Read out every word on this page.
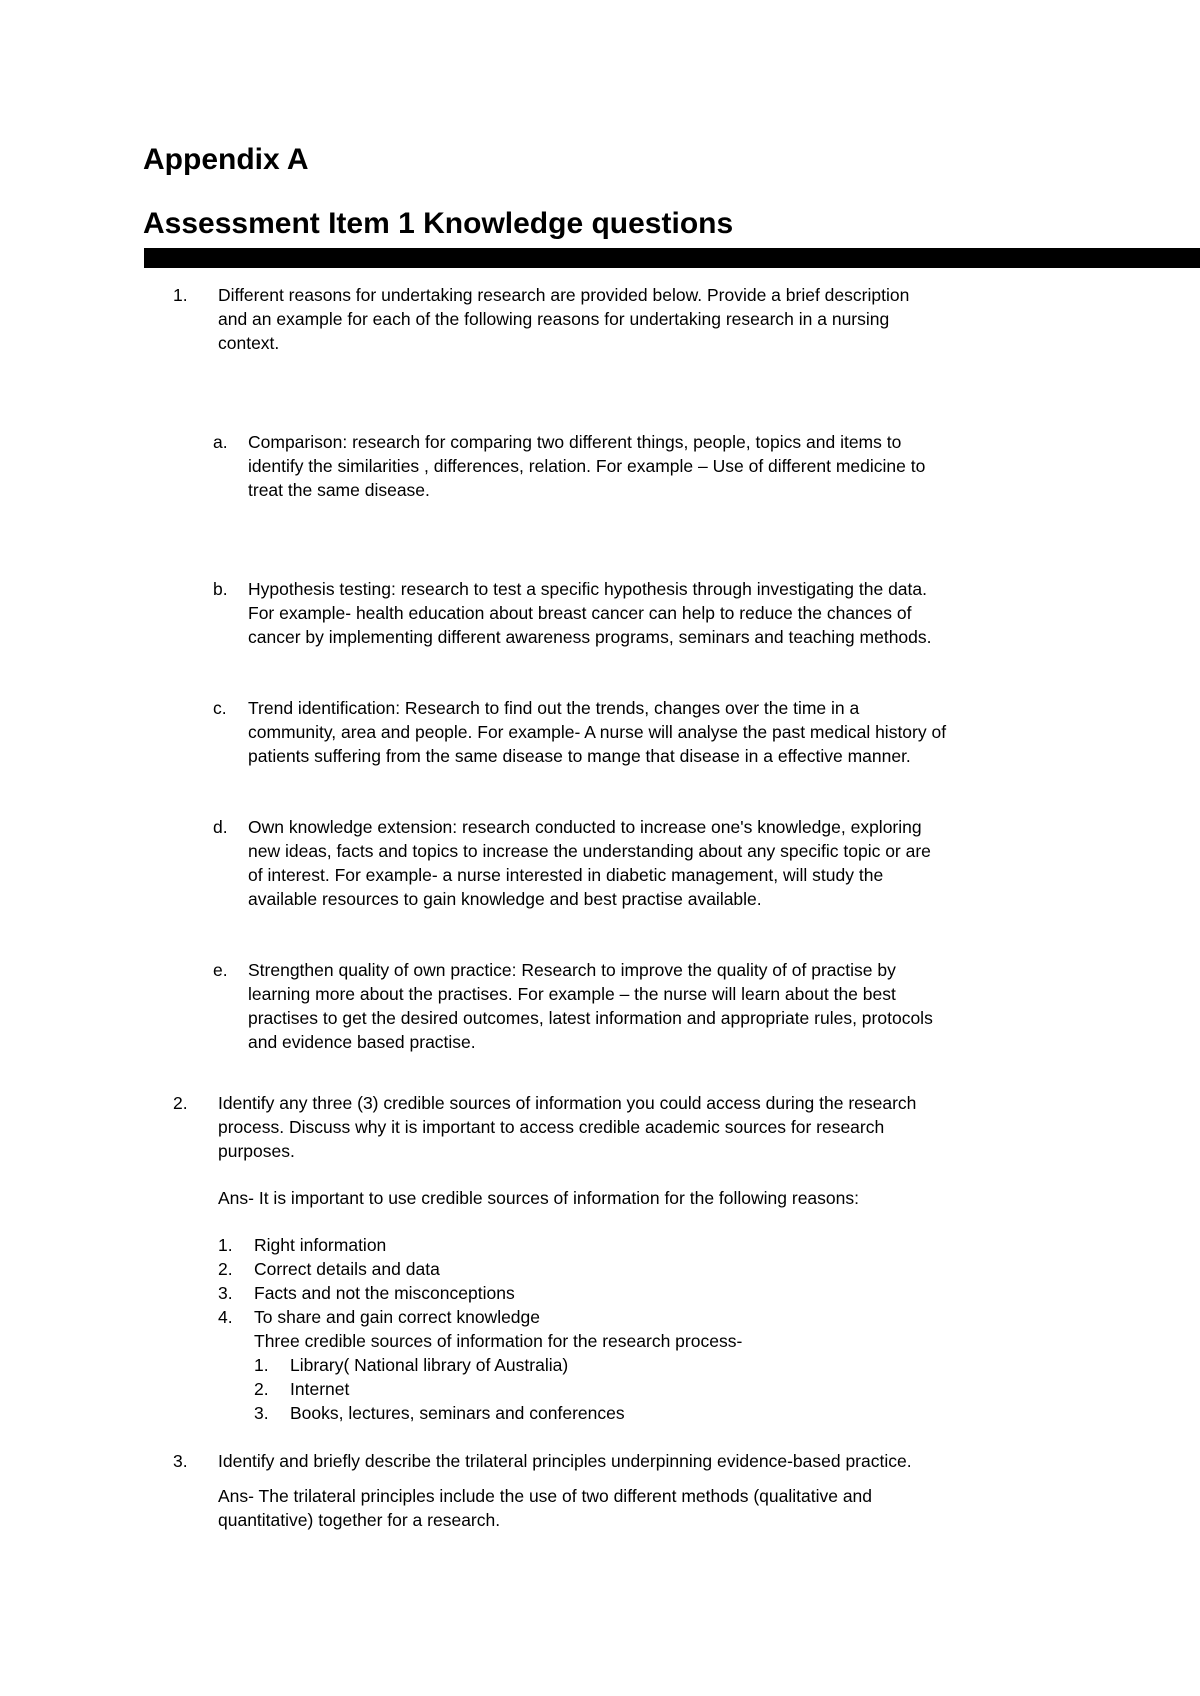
Appendix A
Assessment Item 1 Knowledge questions
1. Different reasons for undertaking research are provided below. Provide a brief description
and an example for each of the following reasons for undertaking research in a nursing
context.
a. Comparison: research for comparing two different things, people, topics and items to
identify the similarities , differences, relation. For example – Use of different medicine to
treat the same disease.
b. Hypothesis testing: research to test a specific hypothesis through investigating the data.
For example- health education about breast cancer can help to reduce the chances of
cancer by implementing different awareness programs, seminars and teaching methods.
c. Trend identification: Research to find out the trends, changes over the time in a
community, area and people. For example- A nurse will analyse the past medical history of
patients suffering from the same disease to mange that disease in a effective manner.
d. Own knowledge extension: research conducted to increase one's knowledge, exploring
new ideas, facts and topics to increase the understanding about any specific topic or are
of interest. For example- a nurse interested in diabetic management, will study the
available resources to gain knowledge and best practise available.
e. Strengthen quality of own practice: Research to improve the quality of of practise by
learning more about the practises. For example – the nurse will learn about the best
practises to get the desired outcomes, latest information and appropriate rules, protocols
and evidence based practise.
2. Identify any three (3) credible sources of information you could access during the research
process. Discuss why it is important to access credible academic sources for research
purposes.
Ans- It is important to use credible sources of information for the following reasons:
1. Right information
2. Correct details and data
3. Facts and not the misconceptions
4. To share and gain correct knowledge
Three credible sources of information for the research process-
1. Library( National library of Australia)
2. Internet
3. Books, lectures, seminars and conferences
3. Identify and briefly describe the trilateral principles underpinning evidence-based practice.
Ans- The trilateral principles include the use of two different methods (qualitative and
quantitative) together for a research.
